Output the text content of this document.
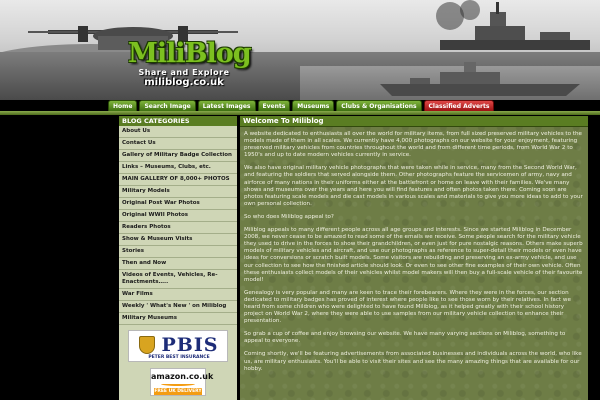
MiliBlog
Share and Explore
miliblog.co.uk
Home	Search Image	Latest Images	Events	Museums	Clubs & Organisations	Classified Adverts
BLOG CATEGORIES
About Us
Contact Us
Gallery of Military Badge Collection
Links – Museums, Clubs, etc.
MAIN GALLERY OF 8,000+ PHOTOS
Military Models
Original Post War Photos
Original WWII Photos
Readers Photos
Show & Museum Visits
Stories
Then and Now
Videos of Events, Vehicles, Re-Enactments…..
War Films
Weekly ' What's New ' on Miliblog
Military Museums
PBIS
PETER BEST INSURANCE
amazon.co.uk
FREE UK DELIVERY
Welcome To Miliblog

A website dedicated to enthusiasts all over the world for military items, from full sized preserved military vehicles to the models made of them in all scales. We currently have 4,000 photographs on our website for your enjoyment, featuring preserved military vehicles from countries throughout the world and from different time periods, from World War 2 to 1950's and up to date modern vehicles currently in service.

We also have original military vehicle photographs that were taken while in service, many from the Second World War, and featuring the soldiers that served alongside them. Other photographs feature the servicemen of army, navy and airforce of many nations in their uniforms either at the battlefront or home on leave with their families. We've many shows and museums over the years and here you will find features and often photos taken there. Coming soon are photos featuring scale models and die cast models in various scales and materials to give you more ideas to add to your own personal collection.

So who does Miliblog appeal to?

Miliblog appeals to many different people across all age groups and interests. Since we started Miliblog in December 2008, we never cease to be amazed to read some of the emails we receive. Some people search for the military vehicle they used to drive in the forces to show their grandchildren, or even just for pure nostalgic reasons. Others make superb models of military vehicles and aircraft, and use our photographs as reference to super-detail their models or even have ideas for conversions or scratch built models. Some visitors are rebuilding and preserving an ex-army vehicle, and use our collection to see how the finished article should look. Or even to see other fine examples of their own vehicle. Often these enthusiasts collect models of their vehicles whilst model makers will then buy a full-scale vehicle of their favourite model!

Genealogy is very popular and many are keen to trace their forebearers. Where they were in the forces, our section dedicated to military badges has proved of interest where people like to see those worn by their relatives. In fact we heard from some children who were delighted to have found Miliblog, as it helped greatly with their school history project on World War 2, where they were able to use samples from our military vehicle collection to enhance their presentation.

So grab a cup of coffee and enjoy browsing our website. We have many varying sections on Miliblog, something to appeal to everyone.

Coming shortly, we'll be featuring advertisements from associated businesses and individuals across the world, who like us, are military enthusiasts. You'll be able to visit their sites and see the many amazing things that are available for our hobby.
